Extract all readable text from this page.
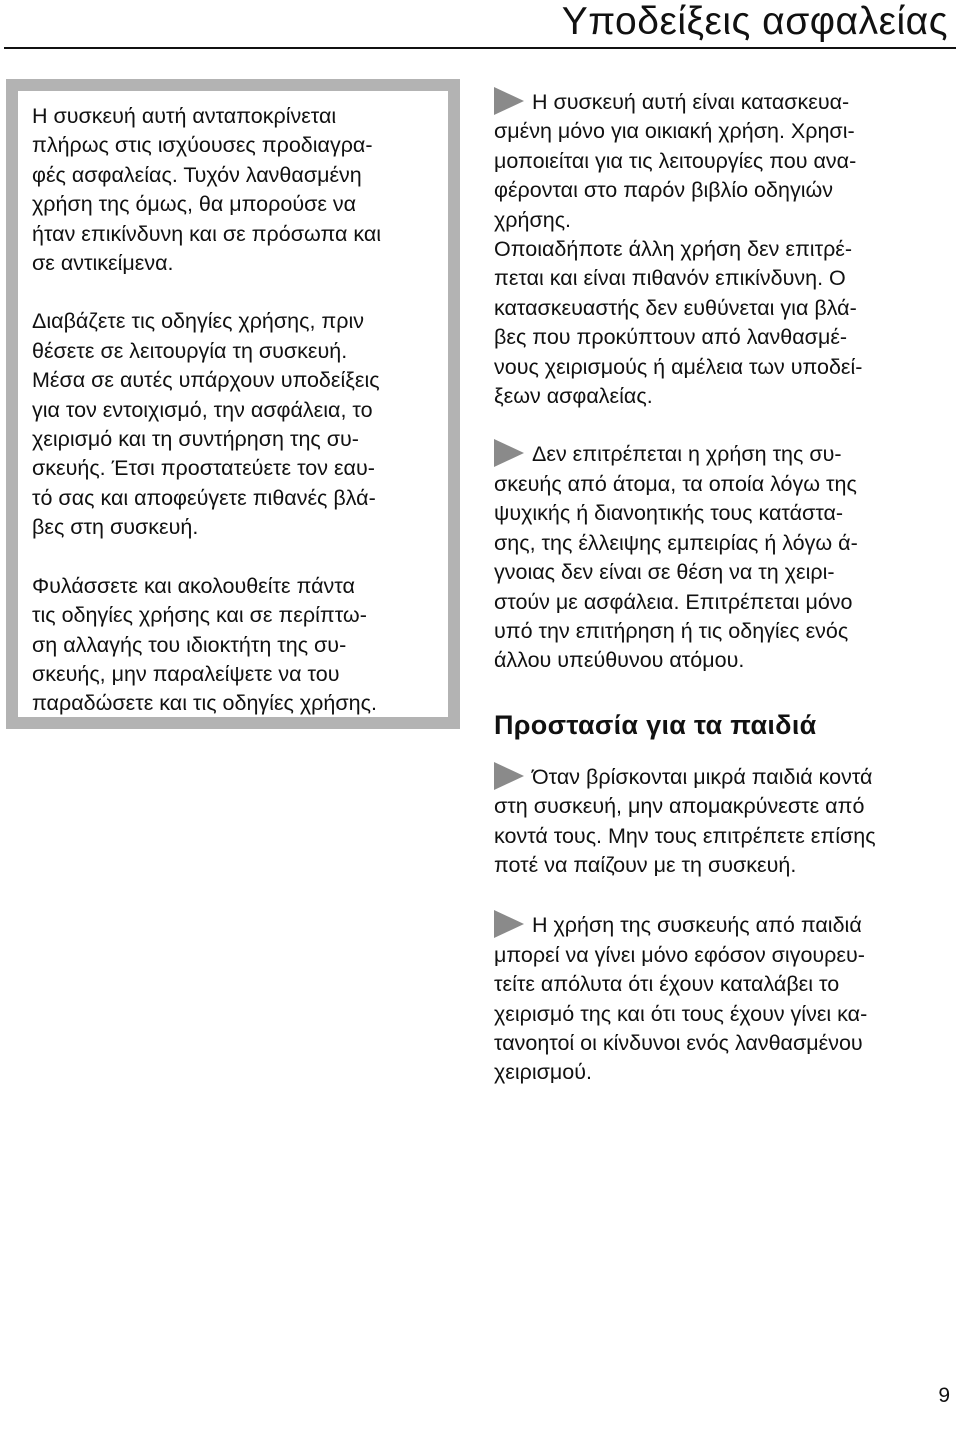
Υποδείξεις ασφαλείας

Η συσκευή αυτή ανταποκρίνεται
πλήρως στις ισχύουσες προδιαγρα-
φές ασφαλείας. Τυχόν λανθασμένη
χρήση της όμως, θα μπορούσε να
ήταν επικίνδυνη και σε πρόσωπα και
σε αντικείμενα.

Διαβάζετε τις οδηγίες χρήσης, πριν
θέσετε σε λειτουργία τη συσκευή.
Μέσα σε αυτές υπάρχουν υποδείξεις
για τον εντοιχισμό, την ασφάλεια, το
χειρισμό και τη συντήρηση της συ-
σκευής. Έτσι προστατεύετε τον εαυ-
τό σας και αποφεύγετε πιθανές βλά-
βες στη συσκευή.

Φυλάσσετε και ακολουθείτε πάντα
τις οδηγίες χρήσης και σε περίπτω-
ση αλλαγής του ιδιοκτήτη της συ-
σκευής, μην παραλείψετε να του
παραδώσετε και τις οδηγίες χρήσης.

Η συσκευή αυτή είναι κατασκευα-
σμένη μόνο για οικιακή χρήση. Χρησι-
μοποιείται για τις λειτουργίες που ανα-
φέρονται στο παρόν βιβλίο οδηγιών
χρήσης.

Οποιαδήποτε άλλη χρήση δεν επιτρέ-
πεται και είναι πιθανόν επικίνδυνη. Ο
κατασκευαστής δεν ευθύνεται για βλά-
βες που προκύπτουν από λανθασμέ-
νους χειρισμούς ή αμέλεια των υποδεί-
ξεων ασφαλείας.

Δεν επιτρέπεται η χρήση της συ-
σκευής από άτομα, τα οποία λόγω της
ψυχικής ή διανοητικής τους κατάστα-
σης, της έλλειψης εμπειρίας ή λόγω ά-
γνοιας δεν είναι σε θέση να τη χειρι-
στούν με ασφάλεια. Επιτρέπεται μόνο
υπό την επιτήρηση ή τις οδηγίες ενός
άλλου υπεύθυνου ατόμου.

Προστασία για τα παιδιά

Όταν βρίσκονται μικρά παιδιά κοντά
στη συσκευή, μην απομακρύνεστε από
κοντά τους. Μην τους επιτρέπετε επίσης
ποτέ να παίζουν με τη συσκευή.

Η χρήση της συσκευής από παιδιά
μπορεί να γίνει μόνο εφόσον σιγουρευ-
τείτε απόλυτα ότι έχουν καταλάβει το
χειρισμό της και ότι τους έχουν γίνει κα-
τανοητοί οι κίνδυνοι ενός λανθασμένου
χειρισμού.

9
